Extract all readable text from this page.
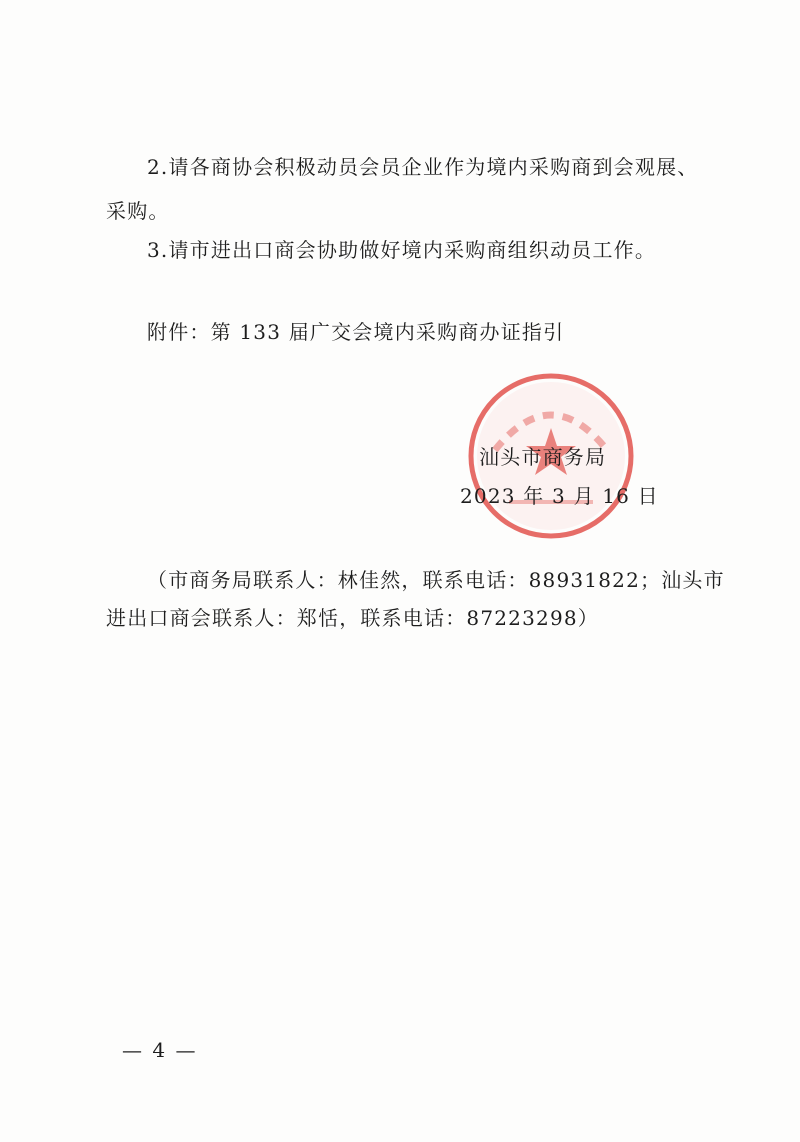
2.请各商协会积极动员会员企业作为境内采购商到会观展、
采购。
3.请市进出口商会协助做好境内采购商组织动员工作。
附件：第 133 届广交会境内采购商办证指引
汕头市商务局
2023 年 3 月 16 日
（市商务局联系人：林佳然，联系电话：88931822；汕头市
进出口商会联系人：郑恬，联系电话：87223298）
— 4 —
